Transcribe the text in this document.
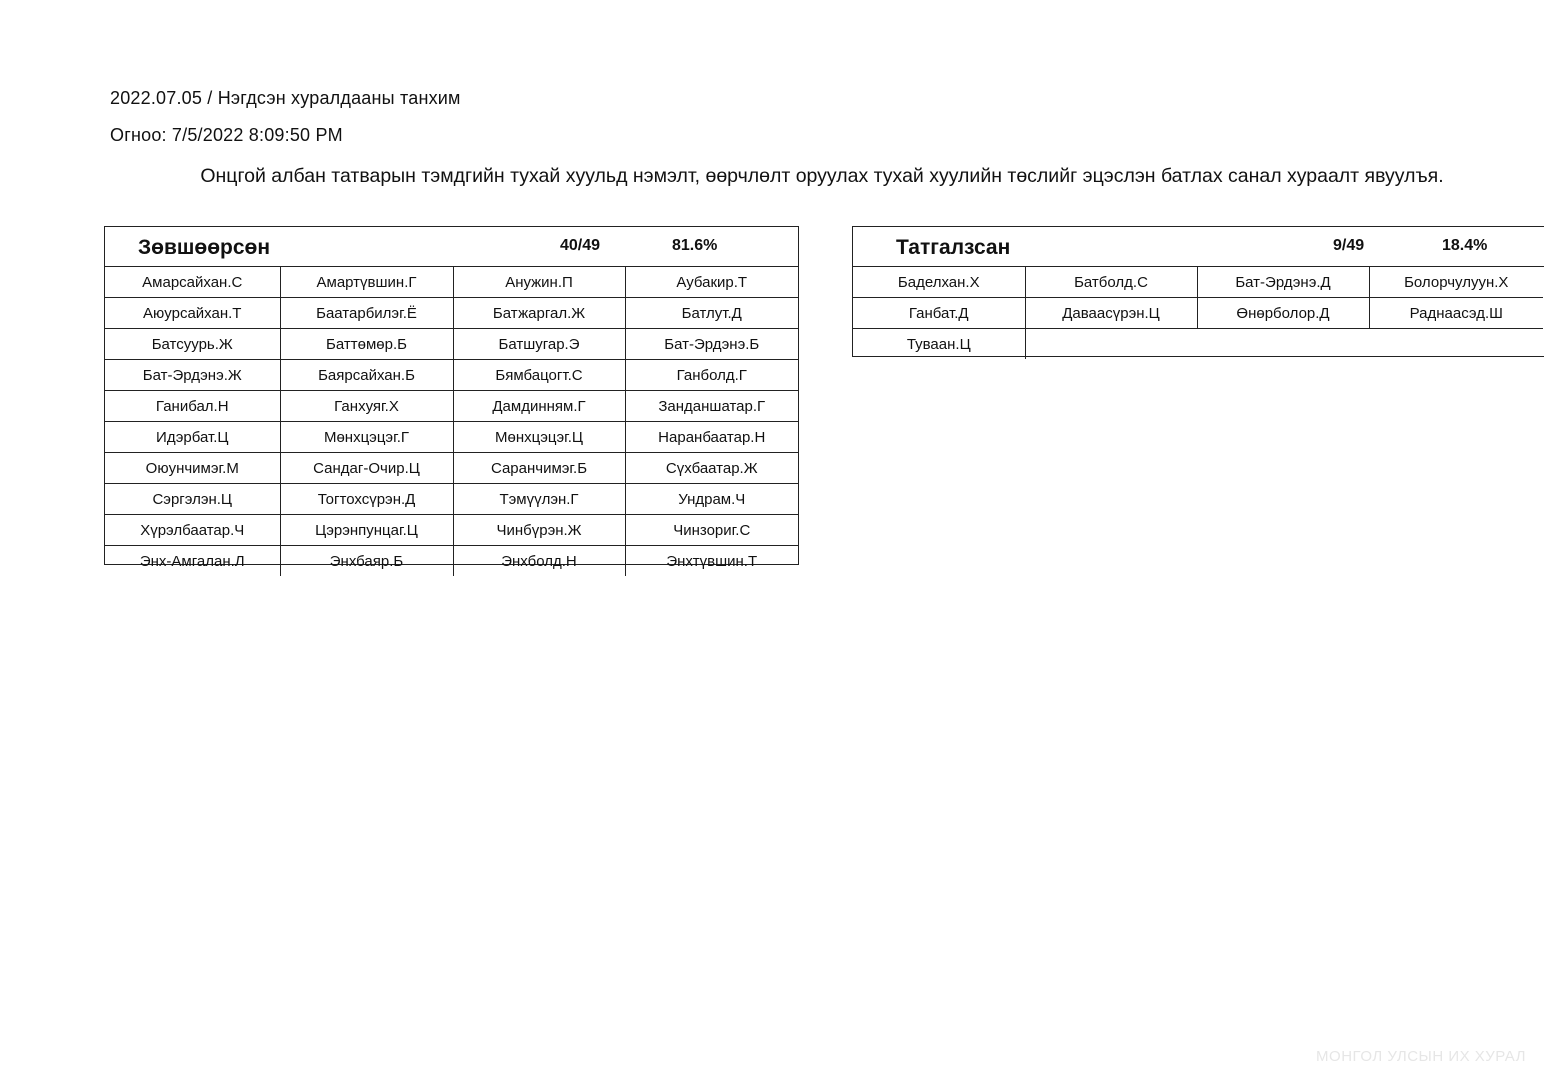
2022.07.05 / Нэгдсэн хуралдааны танхим
Огноо: 7/5/2022 8:09:50 PM
Онцгой албан татварын тэмдгийн тухай хуульд нэмэлт, өөрчлөлт оруулах тухай хуулийн төслийг эцэслэн батлах санал хураалт явуулъя.
Зөвшөөрсөн	40/49	81.6%
Амарсайхан.С	Амартүвшин.Г	Анужин.П	Аубакир.Т
Аюурсайхан.Т	Баатарбилэг.Ё	Батжаргал.Ж	Батлут.Д
Батсуурь.Ж	Баттөмөр.Б	Батшугар.Э	Бат-Эрдэнэ.Б
Бат-Эрдэнэ.Ж	Баярсайхан.Б	Бямбацогт.С	Ганболд.Г
Ганибал.Н	Ганхуяг.Х	Дамдинням.Г	Занданшатар.Г
Идэрбат.Ц	Мөнхцэцэг.Г	Мөнхцэцэг.Ц	Наранбаатар.Н
Оюунчимэг.М	Сандаг-Очир.Ц	Саранчимэг.Б	Сүхбаатар.Ж
Сэргэлэн.Ц	Тогтохсүрэн.Д	Тэмүүлэн.Г	Ундрам.Ч
Хүрэлбаатар.Ч	Цэрэнпунцаг.Ц	Чинбүрэн.Ж	Чинзориг.С
Энх-Амгалан.Л	Энхбаяр.Б	Энхболд.Н	Энхтүвшин.Т
Татгалзсан	9/49	18.4%
Баделхан.Х	Батболд.С	Бат-Эрдэнэ.Д	Болорчулуун.Х
Ганбат.Д	Даваасүрэн.Ц	Өнөрболор.Д	Раднаасэд.Ш
Туваан.Ц			
МОНГОЛ УЛСЫН ИХ ХУРАЛ
